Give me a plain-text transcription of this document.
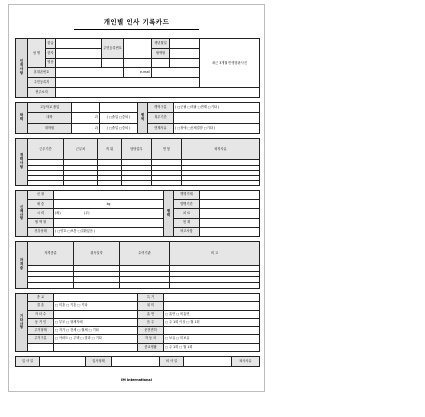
개인별 인사 기록카드
인적사항	성 명	한글		주민등록번호		생년월일		최근 3개월 반명함판사진
		한자				혈액형		
		영문						
	휴대폰번호				e-mail			
	주민등록지							
	현주소지							
학력	고등학교 졸업			병역	병역구분	( □군필 □미필 □면제 □기타 )
	대학	과	( □졸업 □중퇴 )		복무기간	
	대학원	과	( □졸업 □중퇴 )		면제사유	( □장애 □신체결함 □기타 )
경력사항	근무기간	근무처	직 위	담당업무	연 봉	퇴직사유

신체사항	신 장		병력	병명기재	
	체 중	kg		발병기간	
	시 력	(좌)                       (우)		치 료	
	혈 액 형			현 재	
	건강상태	( □양호 □보통 □질환있음 )		비고사항	
자격증	자격종류	취득일자	수여기관	비 고

기타사항	종 교		특 기	
	결 혼	□ 미혼 □ 기혼 □ 기타	취 미	
	자 녀 수		흡 연	□ 흡연 □ 비흡연
	동 거 인	□ 부모 □ 형제자매	음 주	□ 주 1회 이상 □ 월 1회
	주거형태	□ 자가 □ 전세 □ 월세 □ 기타	운전면허	
	주거구분	□ 아파트 □ 주택 □ 빌라 □ 기타	자 동 차	□ 보유 □ 미보유
			종교생활	□ 주 1회 □ 월 1회
입 사 일		입사형태		퇴 사 일		퇴사사유
IM International
